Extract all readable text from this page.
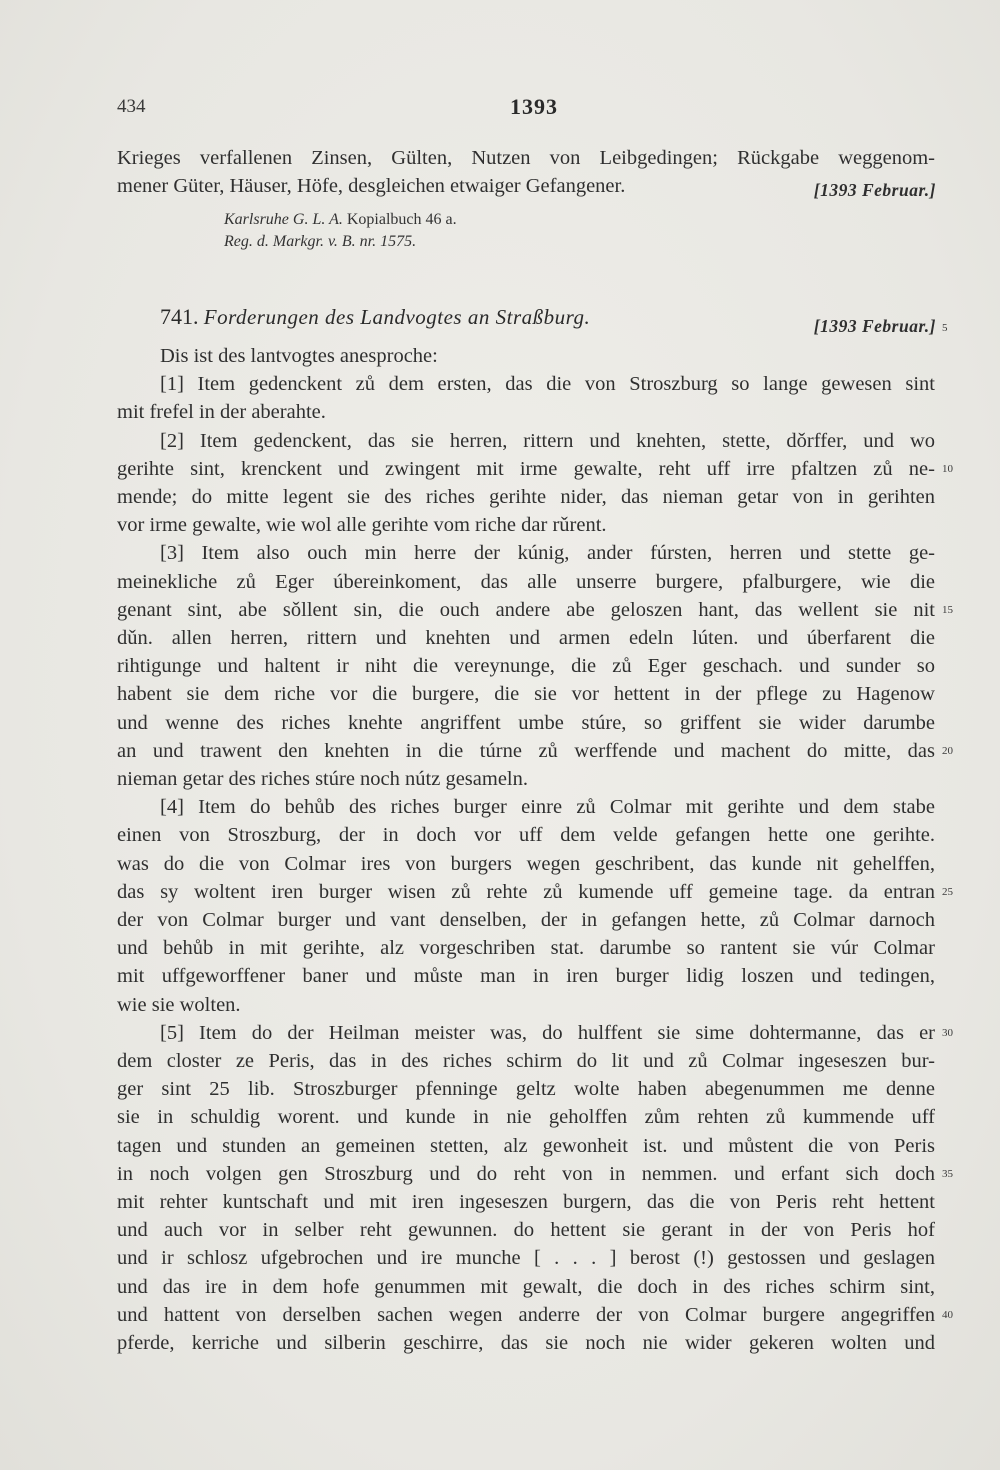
434	1393
Krieges verfallenen Zinsen, Gülten, Nutzen von Leibgedingen; Rückgabe weggenom-
mener Güter, Häuser, Höfe, desgleichen etwaiger Gefangener.	[1393 Februar.]
Karlsruhe G. L. A. Kopialbuch 46 a.
Reg. d. Markgr. v. B. nr. 1575.
741. Forderungen des Landvogtes an Straßburg.	[1393 Februar.]
Dis ist des lantvogtes anesproche:
[1] Item gedenckent zů dem ersten, das die von Stroszburg so lange gewesen sint
mit frefel in der aberahte.
[2] Item gedenckent, das sie herren, rittern und knehten, stette, dǒrffer, und wo
gerihte sint, krenckent und zwingent mit irme gewalte, reht uff irre pfaltzen zů ne-
mende; do mitte legent sie des riches gerihte nider, das nieman getar von in gerihten
vor irme gewalte, wie wol alle gerihte vom riche dar rǔrent.
[3] Item also ouch min herre der kúnig, ander fúrsten, herren und stette ge-
meinekliche zů Eger úbereinkoment, das alle unserre burgere, pfalburgere, wie die
genant sint, abe sǒllent sin, die ouch andere abe geloszen hant, das wellent sie nit
dǔn. allen herren, rittern und knehten und armen edeln lúten. und úberfarent die
rihtigunge und haltent ir niht die vereynunge, die zů Eger geschach. und sunder so
habent sie dem riche vor die burgere, die sie vor hettent in der pflege zu Hagenow
und wenne des riches knehte angriffent umbe stúre, so griffent sie wider darumbe
an und trawent den knehten in die túrne zů werffende und machent do mitte, das
nieman getar des riches stúre noch nútz gesameln.
[4] Item do behůb des riches burger einre zů Colmar mit gerihte und dem stabe
einen von Stroszburg, der in doch vor uff dem velde gefangen hette one gerihte.
was do die von Colmar ires von burgers wegen geschribent, das kunde nit gehelffen,
das sy woltent iren burger wisen zů rehte zů kumende uff gemeine tage. da entran
der von Colmar burger und vant denselben, der in gefangen hette, zů Colmar darnoch
und behůb in mit gerihte, alz vorgeschriben stat. darumbe so rantent sie vúr Colmar
mit uffgeworffener baner und můste man in iren burger lidig loszen und tedingen,
wie sie wolten.
[5] Item do der Heilman meister was, do hulffent sie sime dohtermanne, das er
dem closter ze Peris, das in des riches schirm do lit und zů Colmar ingeseszen bur-
ger sint 25 lib. Stroszburger pfenninge geltz wolte haben abegenummen me denne
sie in schuldig worent. und kunde in nie geholffen zům rehten zů kummende uff
tagen und stunden an gemeinen stetten, alz gewonheit ist. und můstent die von Peris
in noch volgen gen Stroszburg und do reht von in nemmen. und erfant sich doch
mit rehter kuntschaft und mit iren ingeseszen burgern, das die von Peris reht hettent
und auch vor in selber reht gewunnen. do hettent sie gerant in der von Peris hof
und ir schlosz ufgebrochen und ire munche [ . . . ] berost (!) gestossen und geslagen
und das ire in dem hofe genummen mit gewalt, die doch in des riches schirm sint,
und hattent von derselben sachen wegen anderre der von Colmar burgere angegriffen
pferde, kerriche und silberin geschirre, das sie noch nie wider gekeren wolten und
5
10
15
20
25
30
35
40
